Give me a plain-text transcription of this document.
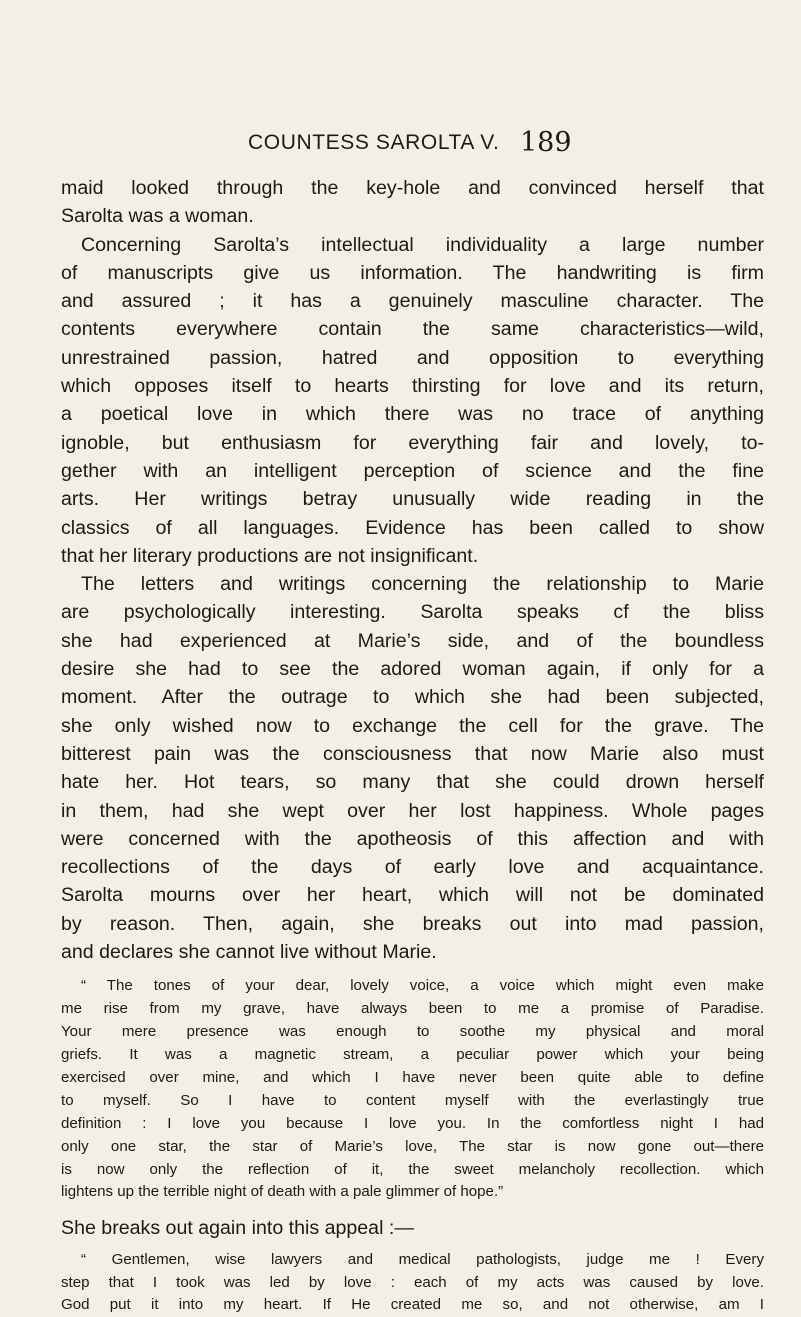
COUNTESS SAROLTA V. 189

maid looked through the key-hole and convinced herself that
Sarolta was a woman.

Concerning Sarolta’s intellectual individuality a large number
of manuscripts give us information. The handwriting is firm
and assured ; it has a genuinely masculine character. The
contents everywhere contain the same characteristics—wild,
unrestrained passion, hatred and opposition to everything
which opposes itself to hearts thirsting for love and its return,
a poetical love in which there was no trace of anything
ignoble, but enthusiasm for everything fair and lovely, to-
gether with an intelligent perception of science and the fine
arts. Her writings betray unusually wide reading in the
classics of all languages. Evidence has been called to show
that her literary productions are not insignificant.

The letters and writings concerning the relationship to Marie
are psychologically interesting. Sarolta speaks cf the bliss
she had experienced at Marie’s side, and of the boundless
desire she had to see the adored woman again, if only for a
moment. After the outrage to which she had been subjected,
she only wished now to exchange the cell for the grave. The
bitterest pain was the consciousness that now Marie also must
hate her. Hot tears, so many that she could drown herself
in them, had she wept over her lost happiness. Whole pages
were concerned with the apotheosis of this affection and with
recollections of the days of early love and acquaintance.
Sarolta mourns over her heart, which will not be dominated
by reason. Then, again, she breaks out into mad passion,
and declares she cannot live without Marie.

“ The tones of your dear, lovely voice, a voice which might even make
me rise from my grave, have always been to me a promise of Paradise.
Your mere presence was enough to soothe my physical and moral
griefs. It was a magnetic stream, a peculiar power which your being
exercised over mine, and which I have never been quite able to define
to myself. So I have to content myself with the everlastingly true
definition : I love you because I love you. In the comfortless night I had
only one star, the star of Marie’s love, The star is now gone out—there
is now only the reflection of it, the sweet melancholy recollection. which
lightens up the terrible night of death with a pale glimmer of hope.”

She breaks out again into this appeal :—

“ Gentlemen, wise lawyers and medical pathologists, judge me ! Every
step that I took was led by love : each of my acts was caused by love.
God put it into my heart. If He created me so, and not otherwise, am I
